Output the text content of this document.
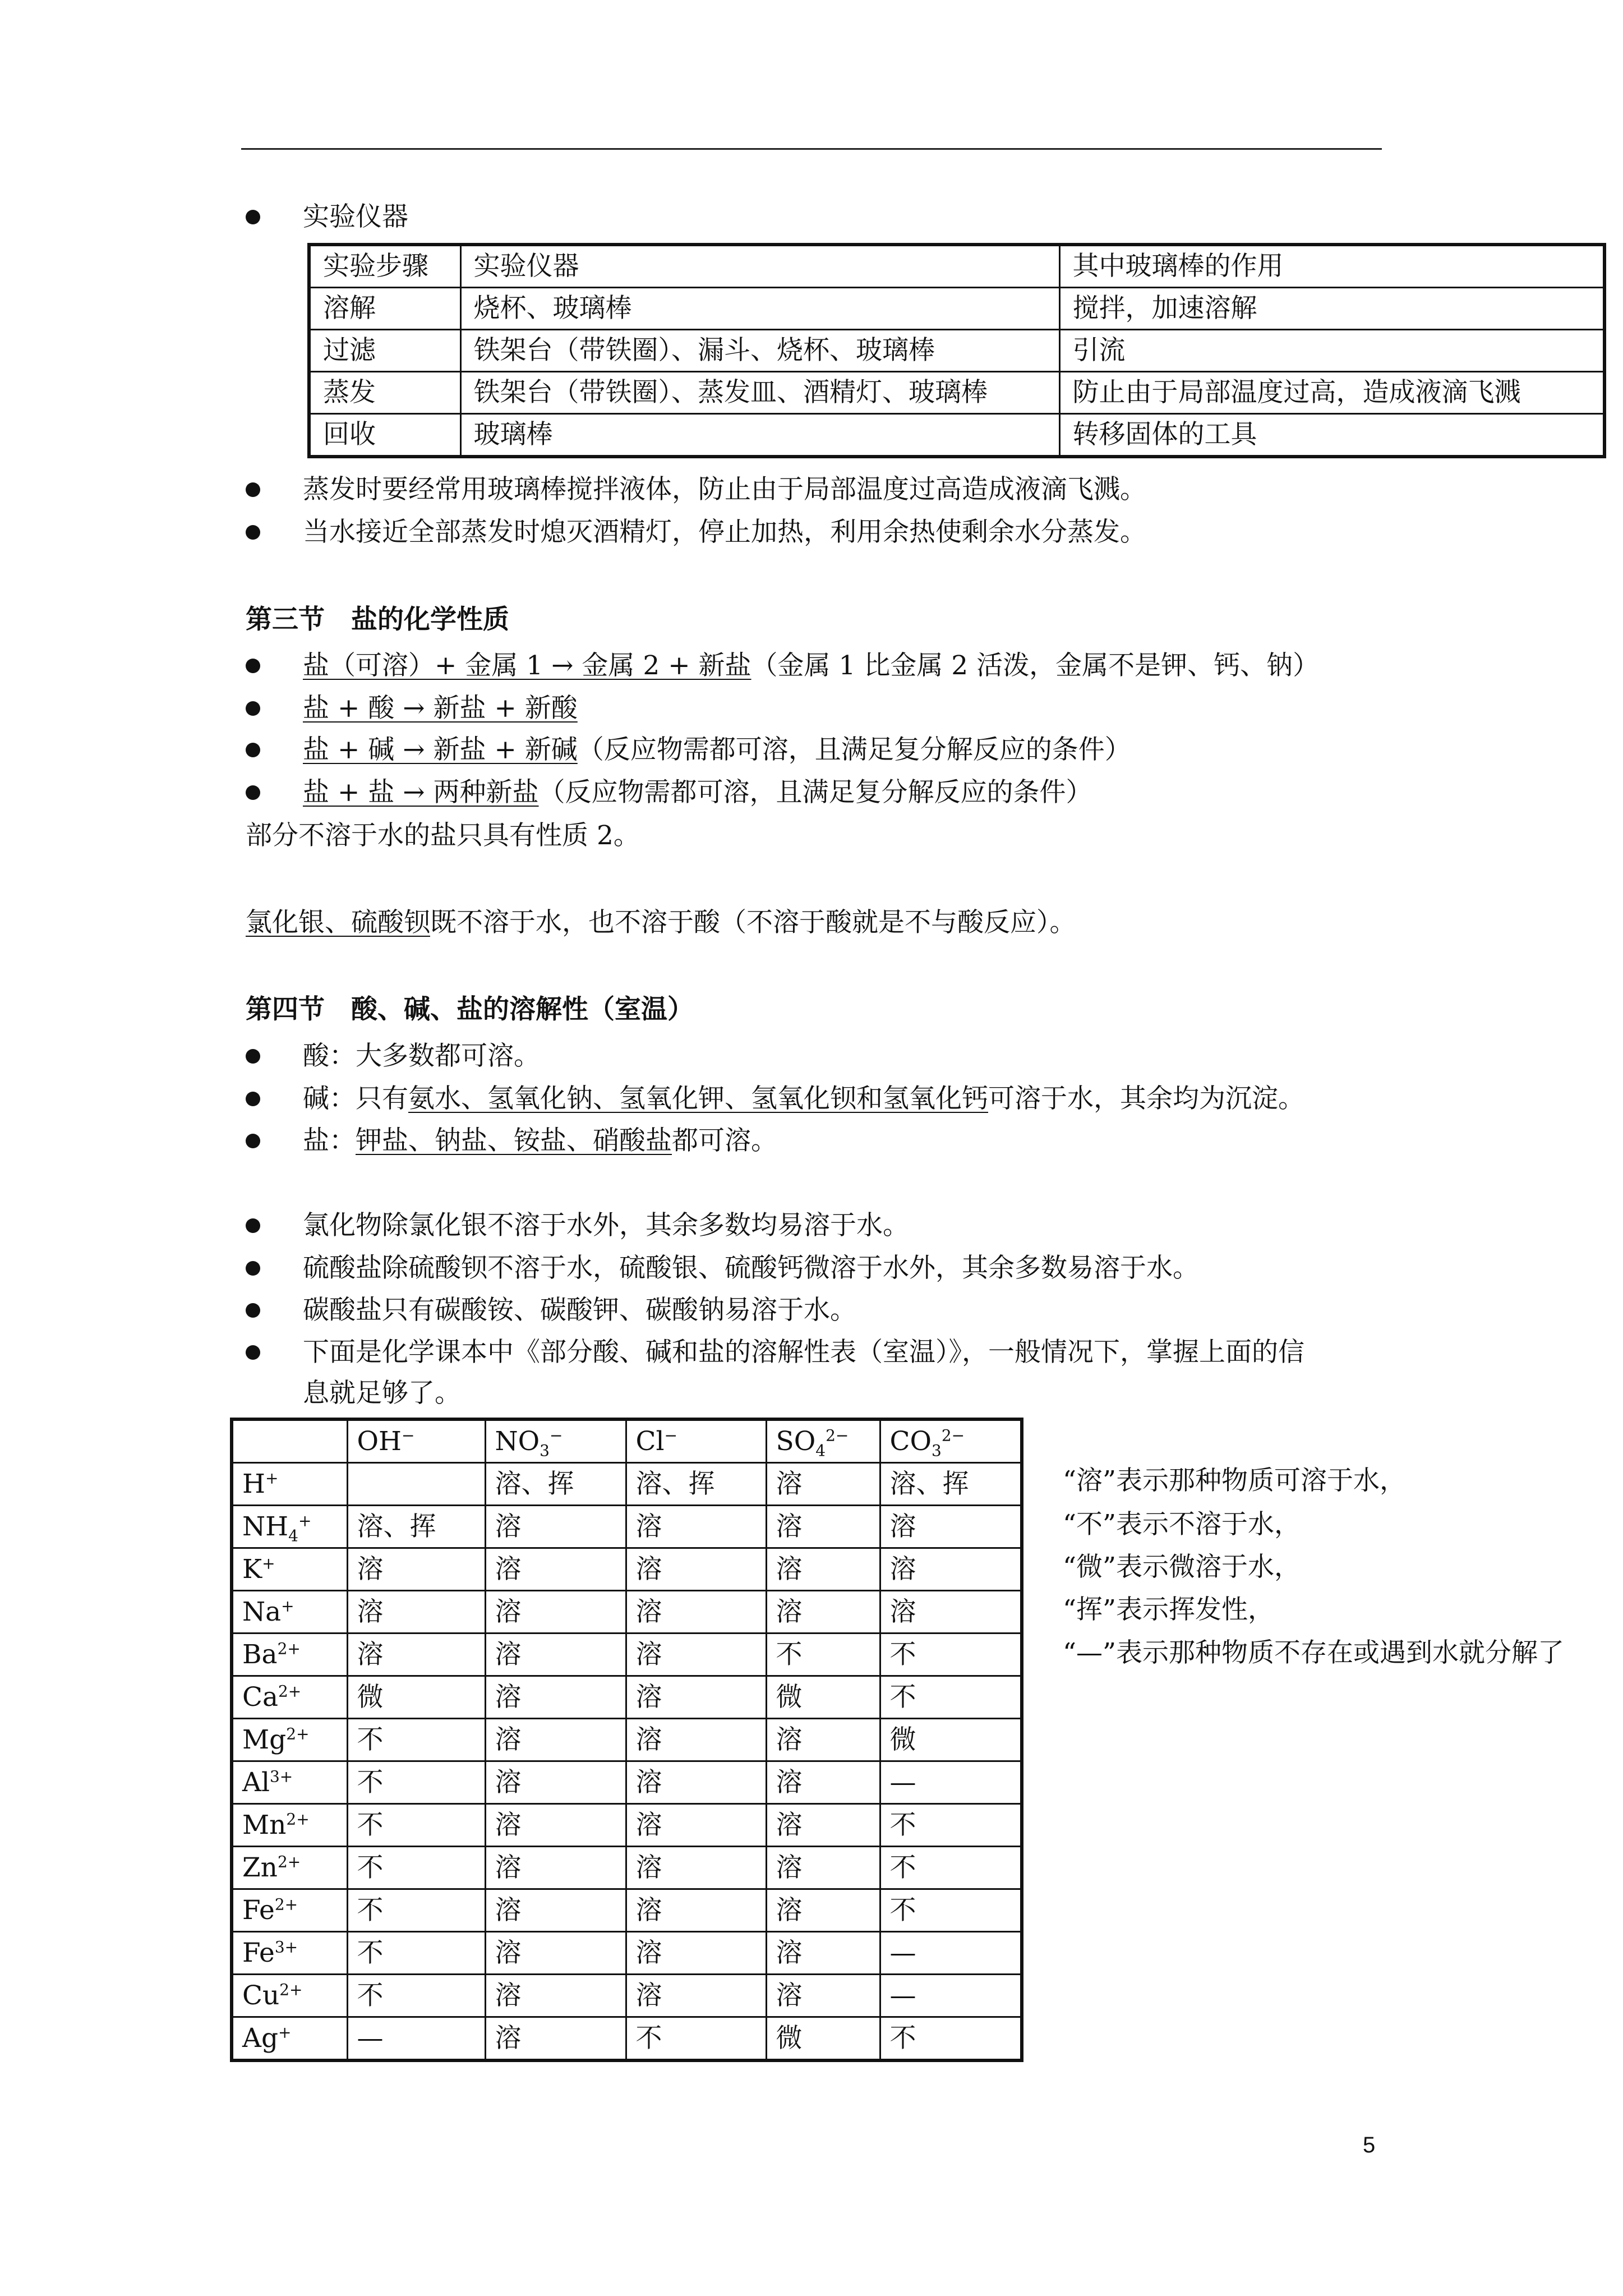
实验仪器
实验步骤	实验仪器	其中玻璃棒的作用
溶解	烧杯、玻璃棒	搅拌，加速溶解
过滤	铁架台（带铁圈）、漏斗、烧杯、玻璃棒	引流
蒸发	铁架台（带铁圈）、蒸发皿、酒精灯、玻璃棒	防止由于局部温度过高，造成液滴飞溅
回收	玻璃棒	转移固体的工具
蒸发时要经常用玻璃棒搅拌液体，防止由于局部温度过高造成液滴飞溅。
当水接近全部蒸发时熄灭酒精灯，停止加热，利用余热使剩余水分蒸发。
第三节　盐的化学性质
盐（可溶）+ 金属 1 → 金属 2 + 新盐（金属 1 比金属 2 活泼，金属不是钾、钙、钠）
盐 + 酸 → 新盐 + 新酸
盐 + 碱 → 新盐 + 新碱（反应物需都可溶，且满足复分解反应的条件）
盐 + 盐 → 两种新盐（反应物需都可溶，且满足复分解反应的条件）
部分不溶于水的盐只具有性质 2。
氯化银、硫酸钡既不溶于水，也不溶于酸（不溶于酸就是不与酸反应）。
第四节　酸、碱、盐的溶解性（室温）
酸：大多数都可溶。
碱：只有氨水、氢氧化钠、氢氧化钾、氢氧化钡和氢氧化钙可溶于水，其余均为沉淀。
盐：钾盐、钠盐、铵盐、硝酸盐都可溶。
氯化物除氯化银不溶于水外，其余多数均易溶于水。
硫酸盐除硫酸钡不溶于水，硫酸银、硫酸钙微溶于水外，其余多数易溶于水。
碳酸盐只有碳酸铵、碳酸钾、碳酸钠易溶于水。
下面是化学课本中《部分酸、碱和盐的溶解性表（室温）》，一般情况下，掌握上面的信
息就足够了。
	OH−	$NO_3^-$	Cl−	$SO_4^{2-}$	$CO_3^{2-}$
H+		溶、挥	溶、挥	溶	溶、挥
$NH_4^+$	溶、挥	溶	溶	溶	溶
K+	溶	溶	溶	溶	溶
Na+	溶	溶	溶	溶	溶
$Ba^{2+}$	溶	溶	溶	不	不
$Ca^{2+}$	微	溶	溶	微	不
$Mg^{2+}$	不	溶	溶	溶	微
$Al^{3+}$	不	溶	溶	溶	—
$Mn^{2+}$	不	溶	溶	溶	不
$Zn^{2+}$	不	溶	溶	溶	不
$Fe^{2+}$	不	溶	溶	溶	不
$Fe^{3+}$	不	溶	溶	溶	—
$Cu^{2+}$	不	溶	溶	溶	—
Ag+	—	溶	不	微	不
“溶”表示那种物质可溶于水，
“不”表示不溶于水，
“微”表示微溶于水，
“挥”表示挥发性，
“—”表示那种物质不存在或遇到水就分解了
5
